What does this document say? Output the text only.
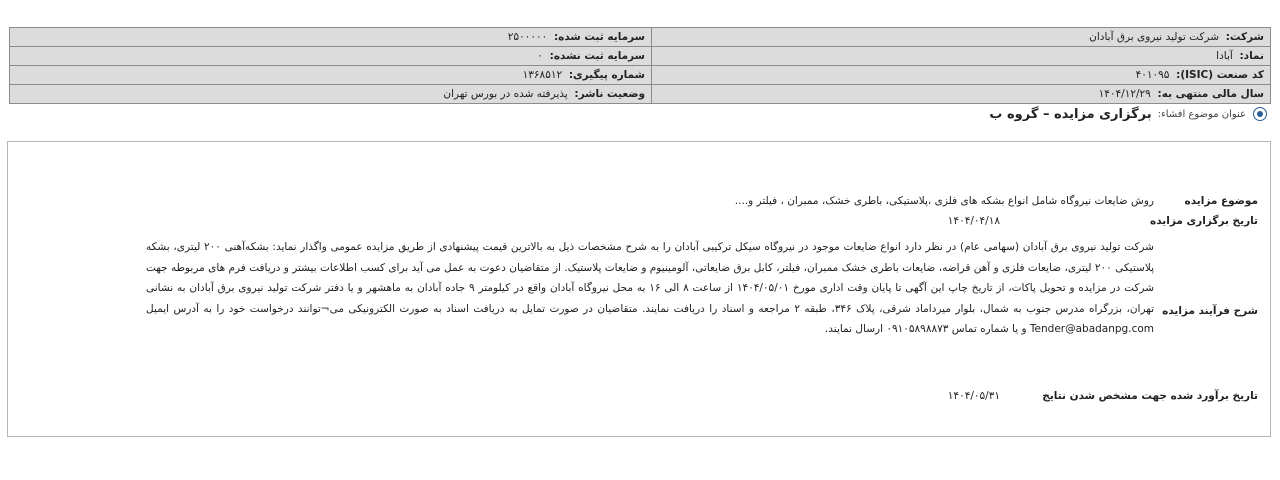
شرکت:  شرکت تولید نیروی برق آبادان	سرمایه ثبت شده:  ۲۵۰۰۰۰۰
نماد:  آبادا	سرمایه ثبت نشده:  ۰
کد صنعت (ISIC):  ۴۰۱۰۹۵	شماره پیگیری:  ۱۳۶۸۵۱۲
سال مالی منتهی به:  ۱۴۰۴/۱۲/۲۹	وضعیت ناشر:  پذیرفته شده در بورس تهران
عنوان موضوع افشاء:
برگزاری مزایده – گروه ب
موضوع مزایده
روش ضایعات نیروگاه شامل انواع بشکه های فلزی ،پلاستیکی، باطری خشک، ممبران ، فیلتر و....
تاریخ برگزاری مزایده
۱۴۰۴/۰۴/۱۸
شرح فرآیند مزایده
شرکت تولید نیروی برق آبادان (سهامی عام) در نظر دارد انواع ضایعات موجود در نیروگاه سیکل ترکیبی آبادان را به شرح مشخصات ذیل به بالاترین قیمت پیشنهادی از طریق مزایده عمومی واگذار نماید: بشکه‌آهنی ۲۰۰ لیتری، بشکه پلاستیکی ۲۰۰ لیتری، ضایعات فلزی و آهن قراضه، ضایعات باطری خشک ممبران، فیلتر، کابل برق ضایعاتی، آلومینیوم و ضایعات پلاستیک. از متقاضیان دعوت به عمل می آید برای کسب اطلاعات بیشتر و دریافت فرم های مربوطه جهت شرکت در مزایده و تحویل پاکات، از تاریخ چاپ این آگهی تا پایان وقت اداری مورخ ۱۴۰۴/۰۵/۰۱ از ساعت ۸ الی ۱۶ به محل نیروگاه آبادان واقع در کیلومتر ۹ جاده آبادان به ماهشهر و یا دفتر شرکت تولید نیروی برق آبادان به نشانی تهران، بزرگراه مدرس جنوب به شمال، بلوار میرداماد شرقی، پلاک ۳۴۶، طبقه ۲ مراجعه و اسناد را دریافت نمایند. متقاضیان در صورت تمایل به دریافت اسناد به صورت الکترونیکی می¬توانند درخواست خود را به آدرس ایمیل Tender@abadanpg.com و یا شماره تماس ۰۹۱۰۵۸۹۸۸۷۳ ارسال نمایند.
تاریخ برآورد شده جهت مشخص شدن نتایج
۱۴۰۴/۰۵/۳۱
